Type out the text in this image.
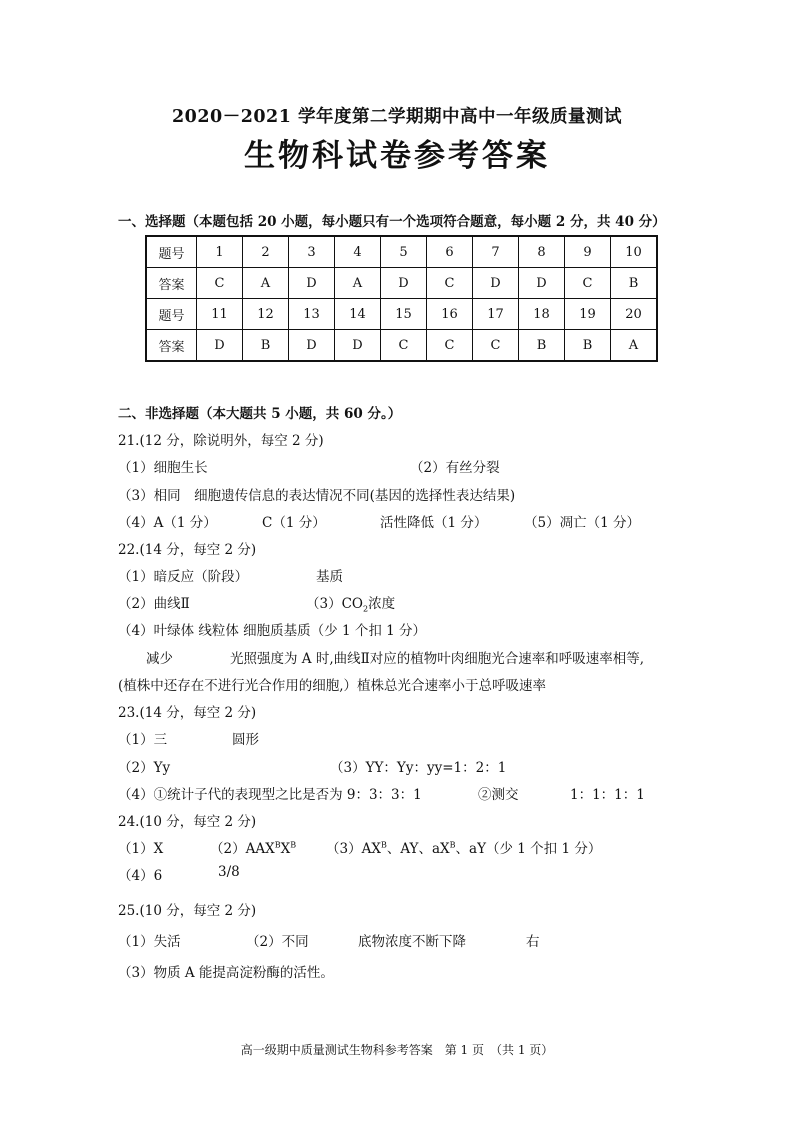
2020－2021 学年度第二学期期中高中一年级质量测试
生物科试卷参考答案
一、选择题（本题包括 20 小题，每小题只有一个选项符合题意，每小题 2 分，共 40 分）
题号	1	2	3	4	5	6	7	8	9	10
答案	C	A	D	A	D	C	D	D	C	B
题号	11	12	13	14	15	16	17	18	19	20
答案	D	B	D	D	C	C	C	B	B	A
二、非选择题（本大题共 5 小题，共 60 分。）
21.(12 分，除说明外，每空 2 分)
（1）细胞生长	（2）有丝分裂
（3）相同　细胞遗传信息的表达情况不同(基因的选择性表达结果)
（4）A（1 分）	C（1 分）	活性降低（1 分）	（5）凋亡（1 分）
22.(14 分，每空 2 分)
（1）暗反应（阶段）	基质
（2）曲线Ⅱ	$(3)CO_2$浓度
（4）叶绿体 线粒体 细胞质基质（少 1 个扣 1 分）
减少	光照强度为 A 时,曲线Ⅱ对应的植物叶肉细胞光合速率和呼吸速率相等,
(植株中还存在不进行光合作用的细胞,）植株总光合速率小于总呼吸速率
23.(14 分，每空 2 分)
（1）三	圆形
（2）Yy	（3）YY：Yy：yy=1：2：1
（4）①统计子代的表现型之比是否为 9：3：3：1	②测交	1：1：1：1
24.(10 分，每空 2 分)
（1）X	$(2)AAX^BX^B$ $(3)AX^B$、AY、$aX^B$、aY（少 1 个扣 1 分）
（4）6	3/8
25.(10 分，每空 2 分)
（1）失活	（2）不同	底物浓度不断下降	右
（3）物质 A 能提高淀粉酶的活性。
高一级期中质量测试生物科参考答案　第 1 页　（共 1 页）
